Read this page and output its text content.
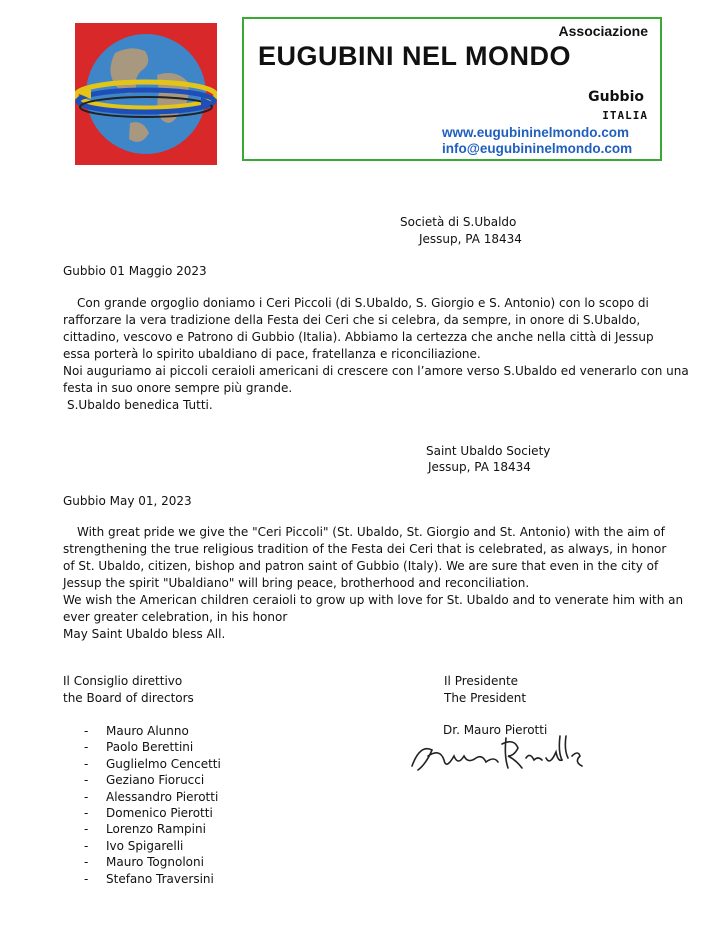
Associazione
EUGUBINI NEL MONDO
Gubbio
ITALIA
www.eugubininelmondo.com
info@eugubininelmondo.com
Società di S.Ubaldo
Jessup, PA 18434
Gubbio 01 Maggio 2023
Con grande orgoglio doniamo i Ceri Piccoli (di S.Ubaldo, S. Giorgio e S. Antonio) con lo scopo di
rafforzare la vera tradizione della Festa dei Ceri che si celebra, da sempre, in onore di S.Ubaldo,
cittadino, vescovo e Patrono di Gubbio (Italia). Abbiamo la certezza che anche nella città di Jessup
essa porterà lo spirito ubaldiano di pace, fratellanza e riconciliazione.
Noi auguriamo ai piccoli ceraioli americani di crescere con l’amore verso S.Ubaldo ed venerarlo con una
festa in suo onore sempre più grande.
S.Ubaldo benedica Tutti.
Saint Ubaldo Society
Jessup, PA 18434
Gubbio May 01, 2023
With great pride we give the "Ceri Piccoli" (St. Ubaldo, St. Giorgio and St. Antonio) with the aim of
strengthening the true religious tradition of the Festa dei Ceri that is celebrated, as always, in honor
of St. Ubaldo, citizen, bishop and patron saint of Gubbio (Italy). We are sure that even in the city of
Jessup the spirit "Ubaldiano" will bring peace, brotherhood and reconciliation.
We wish the American children ceraioli to grow up with love for St. Ubaldo and to venerate him with an
ever greater celebration, in his honor
May Saint Ubaldo bless All.
Il Consiglio direttivo
the Board of directors
- Mauro Alunno
- Paolo Berettini
- Guglielmo Cencetti
- Geziano Fiorucci
- Alessandro Pierotti
- Domenico Pierotti
- Lorenzo Rampini
- Ivo Spigarelli
- Mauro Tognoloni
- Stefano Traversini
Il Presidente
The President
Dr. Mauro Pierotti
